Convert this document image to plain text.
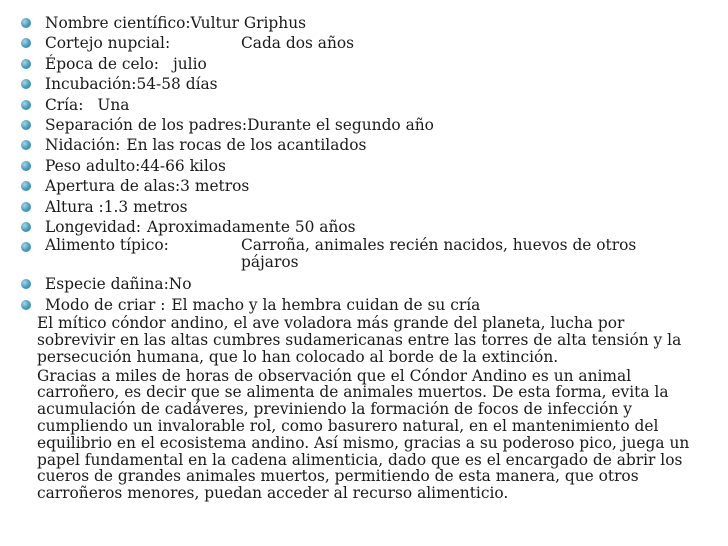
Nombre científico:Vultur Griphus
Cortejo nupcial:	Cada dos años
Época de celo: julio
Incubación:54-58 días
Cría: Una
Separación de los padres:Durante el segundo año
Nidación: En las rocas de los acantilados
Peso adulto:44-66 kilos
Apertura de alas:3 metros
Altura :1.3 metros
Longevidad: Aproximadamente 50 años
Alimento típico:	Carroña, animales recién nacidos, huevos de otros pájaros
Especie dañina:No
Modo de criar : El macho y la hembra cuidan de su cría

El mítico cóndor andino, el ave voladora más grande del planeta, lucha por sobrevivir en las altas cumbres sudamericanas entre las torres de alta tensión y la persecución humana, que lo han colocado al borde de la extinción.

Gracias a miles de horas de observación que el Cóndor Andino es un animal carroñero, es decir que se alimenta de animales muertos. De esta forma, evita la acumulación de cadáveres, previniendo la formación de focos de infección y cumpliendo un invalorable rol, como basurero natural, en el mantenimiento del equilibrio en el ecosistema andino. Así mismo, gracias a su poderoso pico, juega un papel fundamental en la cadena alimenticia, dado que es el encargado de abrir los cueros de grandes animales muertos, permitiendo de esta manera, que otros carroñeros menores, puedan acceder al recurso alimenticio.
